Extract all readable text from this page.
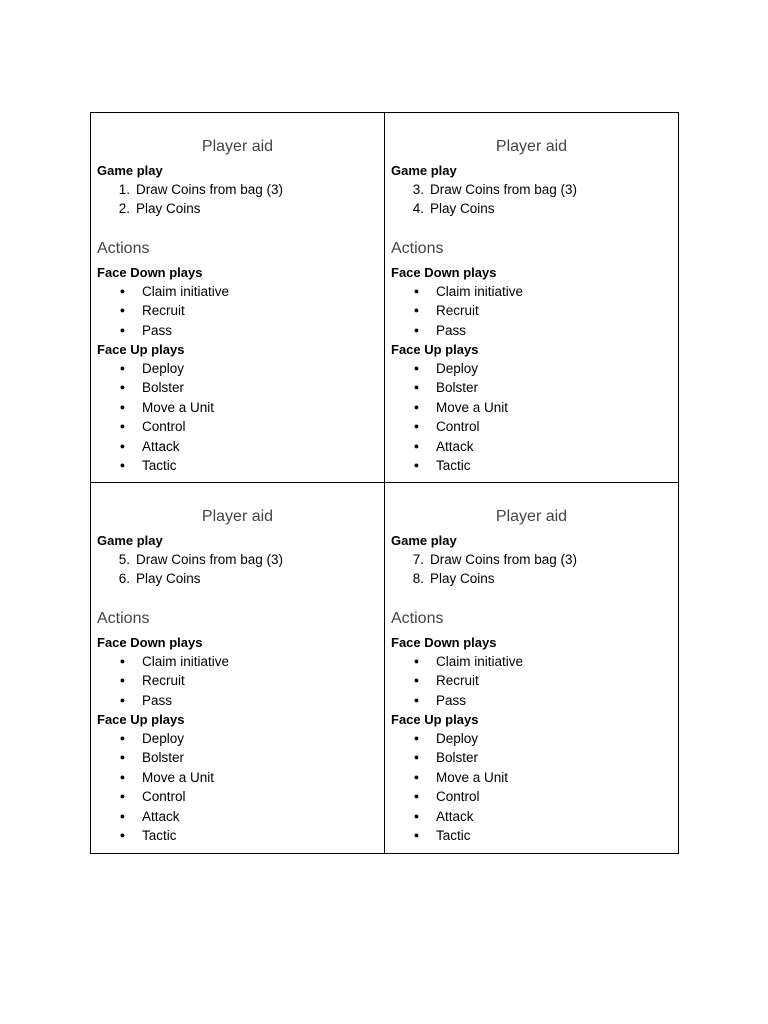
Player aid
Game play
1. Draw Coins from bag (3)
2. Play Coins
Actions
Face Down plays
●	Claim initiative
●	Recruit
●	Pass
Face Up plays
●	Deploy
●	Bolster
●	Move a Unit
●	Control
●	Attack
●	Tactic
Player aid
Game play
3. Draw Coins from bag (3)
4. Play Coins
Actions
Face Down plays
●	Claim initiative
●	Recruit
●	Pass
Face Up plays
●	Deploy
●	Bolster
●	Move a Unit
●	Control
●	Attack
●	Tactic
Player aid
Game play
5. Draw Coins from bag (3)
6. Play Coins
Actions
Face Down plays
●	Claim initiative
●	Recruit
●	Pass
Face Up plays
●	Deploy
●	Bolster
●	Move a Unit
●	Control
●	Attack
●	Tactic
Player aid
Game play
7. Draw Coins from bag (3)
8. Play Coins
Actions
Face Down plays
●	Claim initiative
●	Recruit
●	Pass
Face Up plays
●	Deploy
●	Bolster
●	Move a Unit
●	Control
●	Attack
●	Tactic
